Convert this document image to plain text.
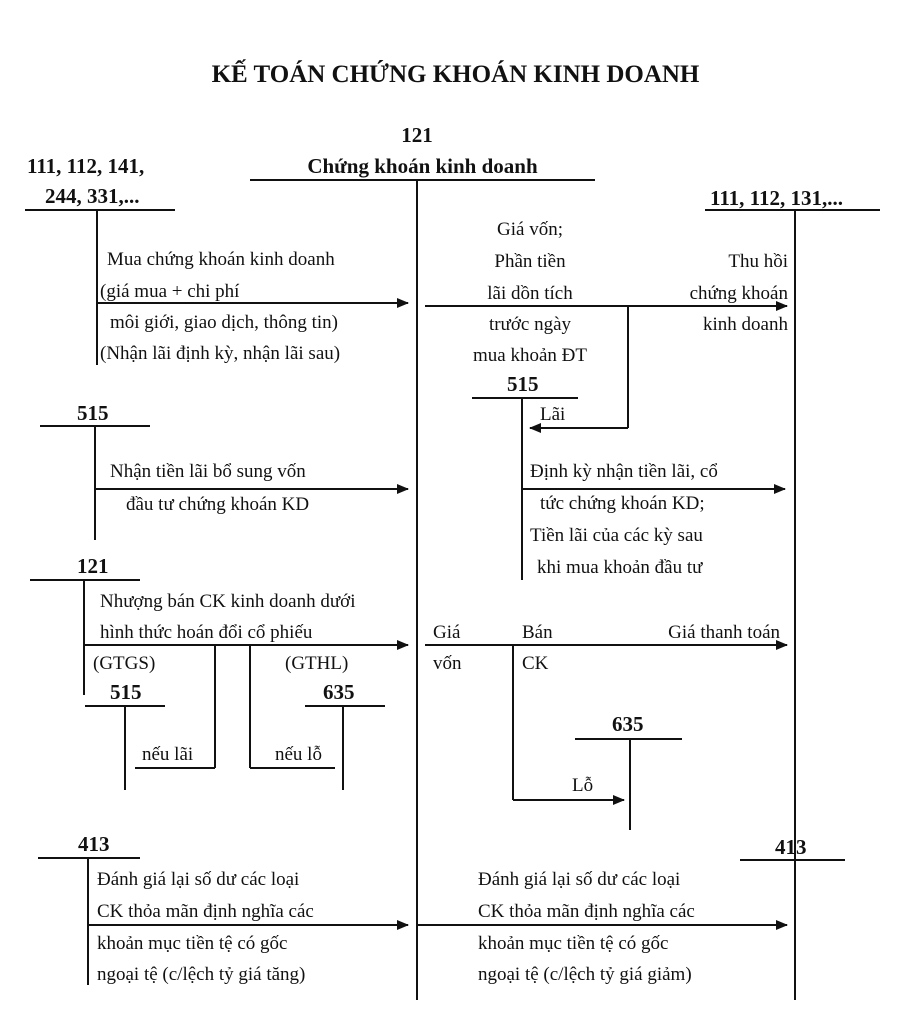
KẾ TOÁN CHỨNG KHOÁN KINH DOANH
121
Chứng khoán kinh doanh
111, 112, 141,
244, 331,...	111, 112, 131,...
Mua chứng khoán kinh doanh
(giá mua + chi phí
môi giới, giao dịch, thông tin)
(Nhận lãi định kỳ, nhận lãi sau)
Giá vốn;
Phần tiền
lãi dồn tích
trước ngày
mua khoản ĐT
Thu hồi
chứng khoán
kinh doanh
515
Lãi
515
Nhận tiền lãi bổ sung vốn
đầu tư chứng khoán KD
Định kỳ nhận tiền lãi, cổ
tức chứng khoán KD;
Tiền lãi của các kỳ sau
khi mua khoản đầu tư
121
Nhượng bán CK kinh doanh dưới
hình thức hoán đổi cổ phiếu
(GTGS)	(GTHL)
515	635
nếu lãi	nếu lỗ
Giá
vốn
Bán
CK
Giá thanh toán
635
Lỗ
413
Đánh giá lại số dư các loại
CK thỏa mãn định nghĩa các
khoản mục tiền tệ có gốc
ngoại tệ (c/lệch tỷ giá tăng)
413
Đánh giá lại số dư các loại
CK thỏa mãn định nghĩa các
khoản mục tiền tệ có gốc
ngoại tệ (c/lệch tỷ giá giảm)
